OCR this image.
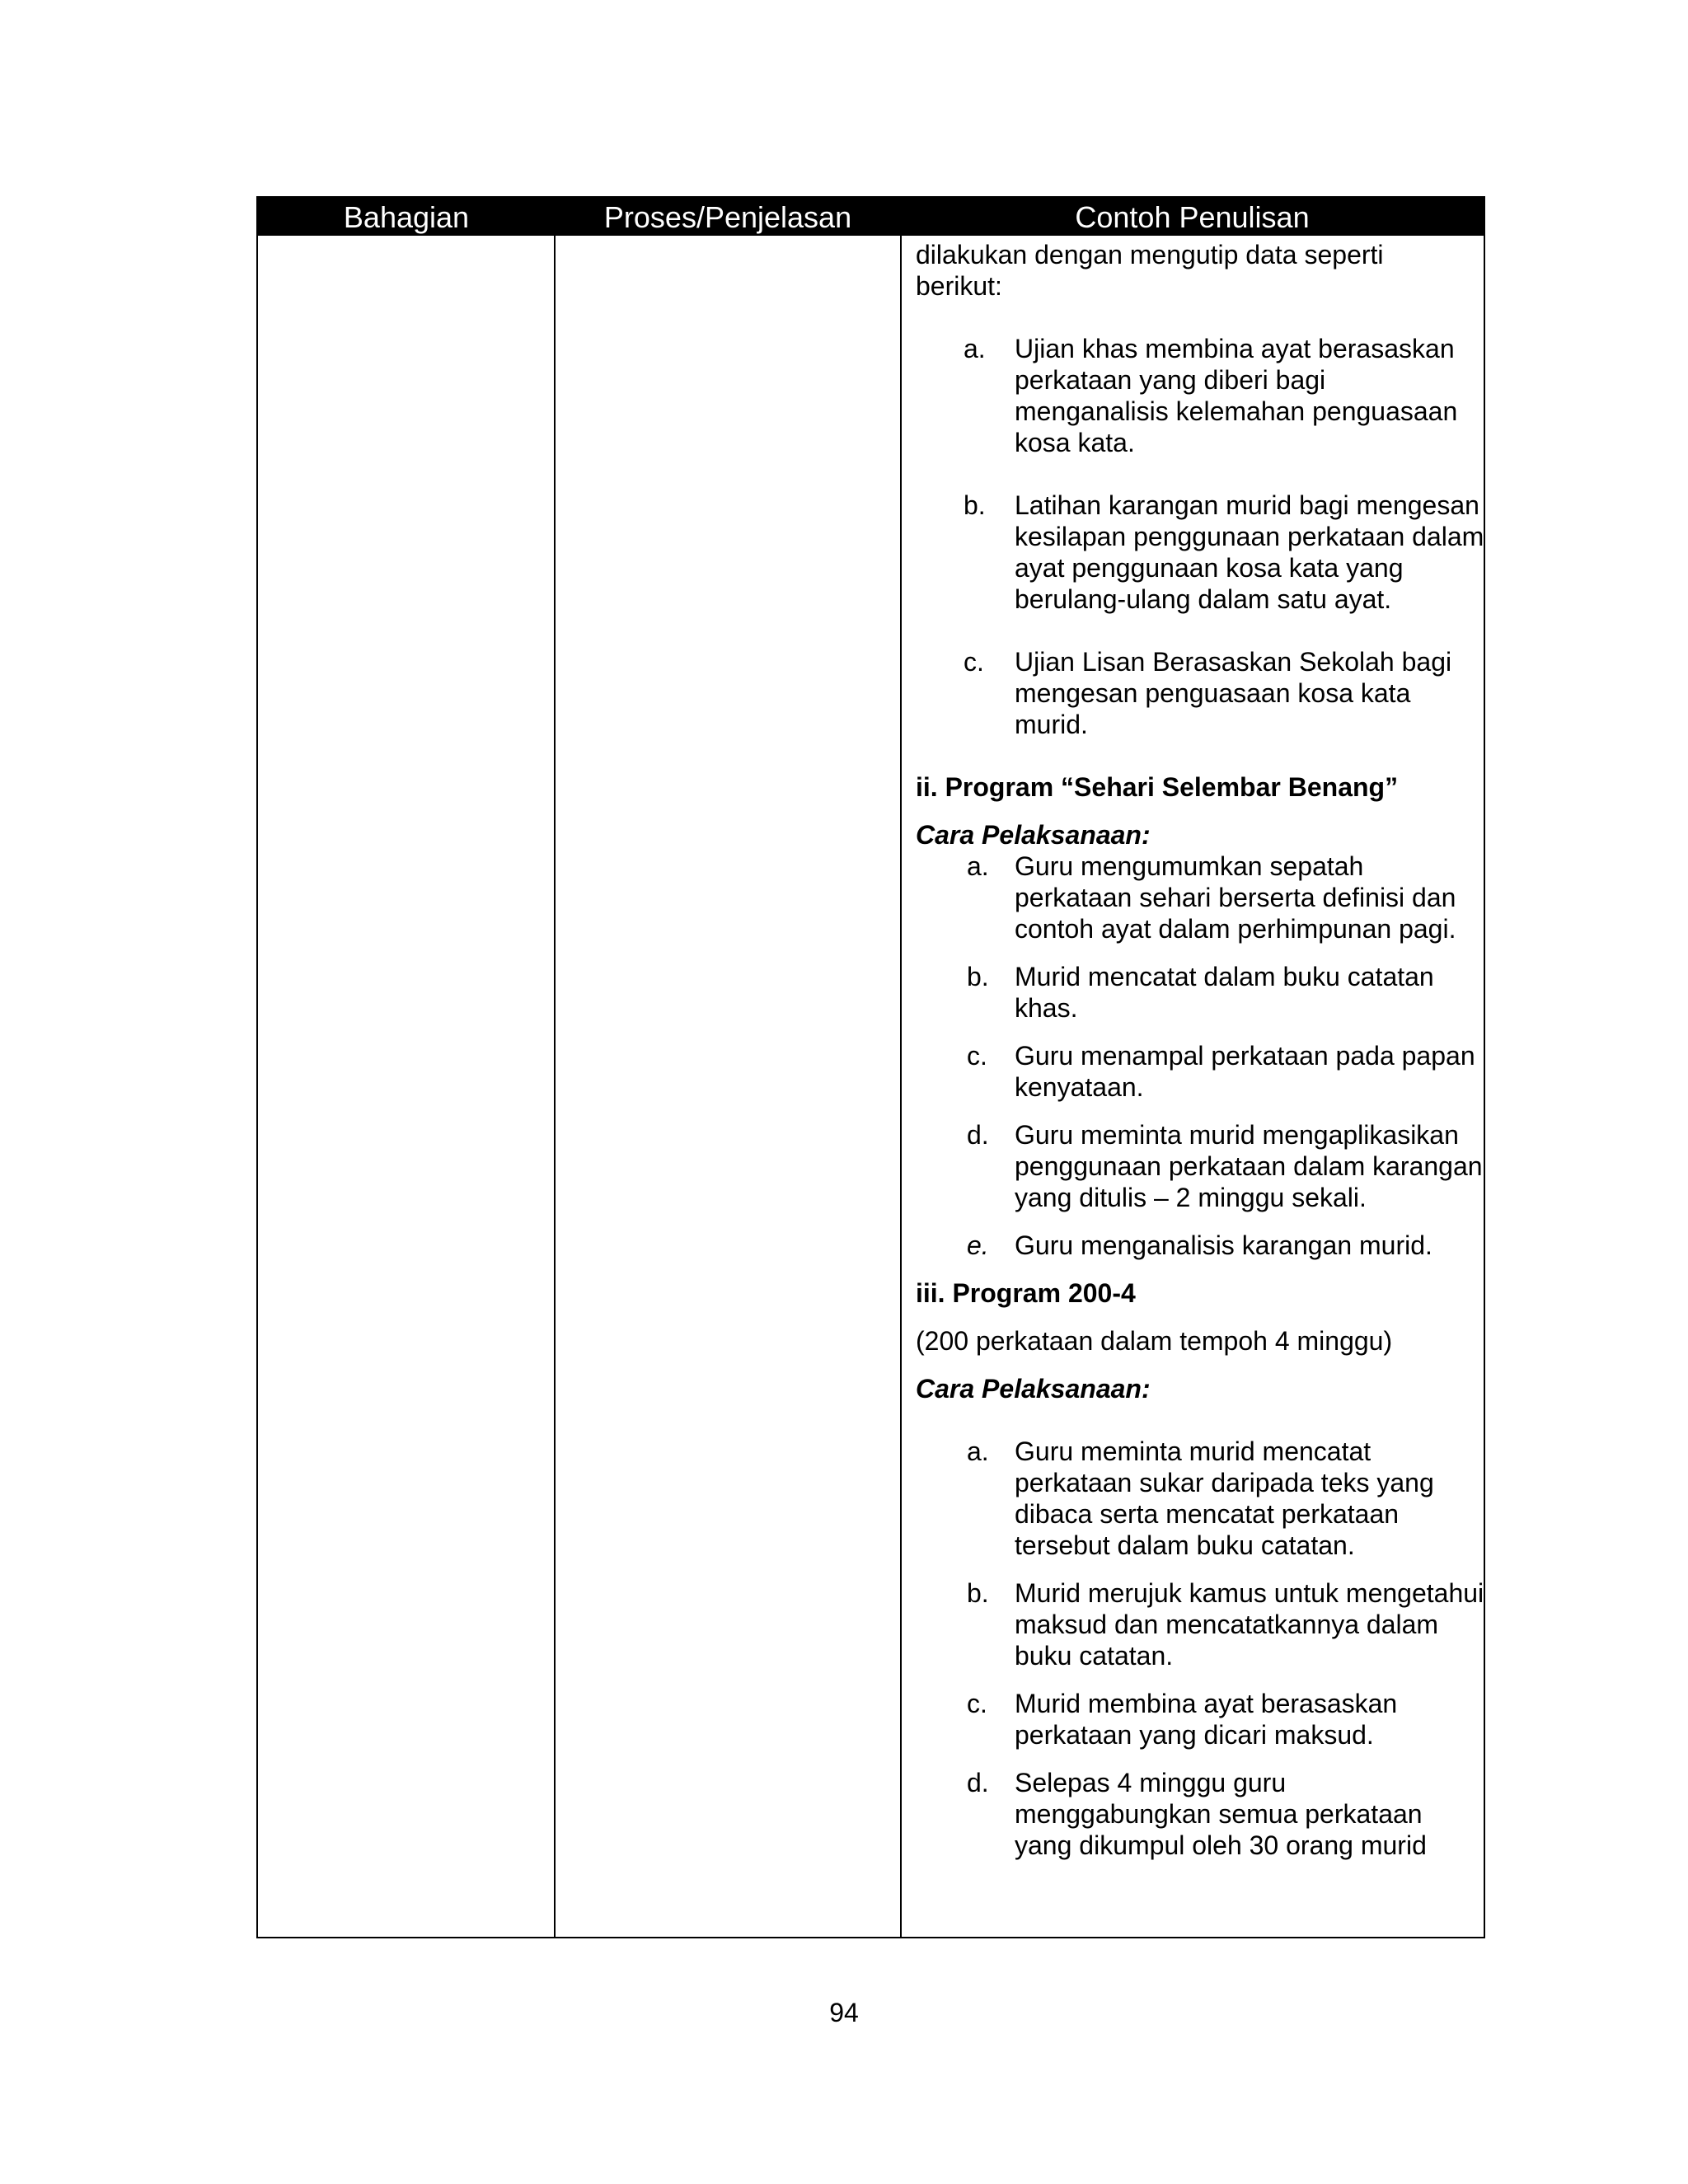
Bahagian	Proses/Penjelasan	Contoh Penulisan

dilakukan dengan mengutip data seperti berikut:

a. Ujian khas membina ayat berasaskan perkataan yang diberi bagi menganalisis kelemahan penguasaan kosa kata.
b. Latihan karangan murid bagi mengesan kesilapan penggunaan perkataan dalam ayat penggunaan kosa kata yang berulang-ulang dalam satu ayat.
c. Ujian Lisan Berasaskan Sekolah bagi mengesan penguasaan kosa kata murid.

ii. Program “Sehari Selembar Benang”

Cara Pelaksanaan:

a. Guru mengumumkan sepatah perkataan sehari berserta definisi dan contoh ayat dalam perhimpunan pagi.
b. Murid mencatat dalam buku catatan khas.
c. Guru menampal perkataan pada papan kenyataan.
d. Guru meminta murid mengaplikasikan penggunaan perkataan dalam karangan yang ditulis – 2 minggu sekali.
e. Guru menganalisis karangan murid.

iii. Program 200-4

(200 perkataan dalam tempoh 4 minggu)

Cara Pelaksanaan:

a. Guru meminta murid mencatat perkataan sukar daripada teks yang dibaca serta mencatat perkataan tersebut dalam buku catatan.
b. Murid merujuk kamus untuk mengetahui maksud dan mencatatkannya dalam buku catatan.
c. Murid membina ayat berasaskan perkataan yang dicari maksud.
d. Selepas 4 minggu guru menggabungkan semua perkataan yang dikumpul oleh 30 orang murid
94
